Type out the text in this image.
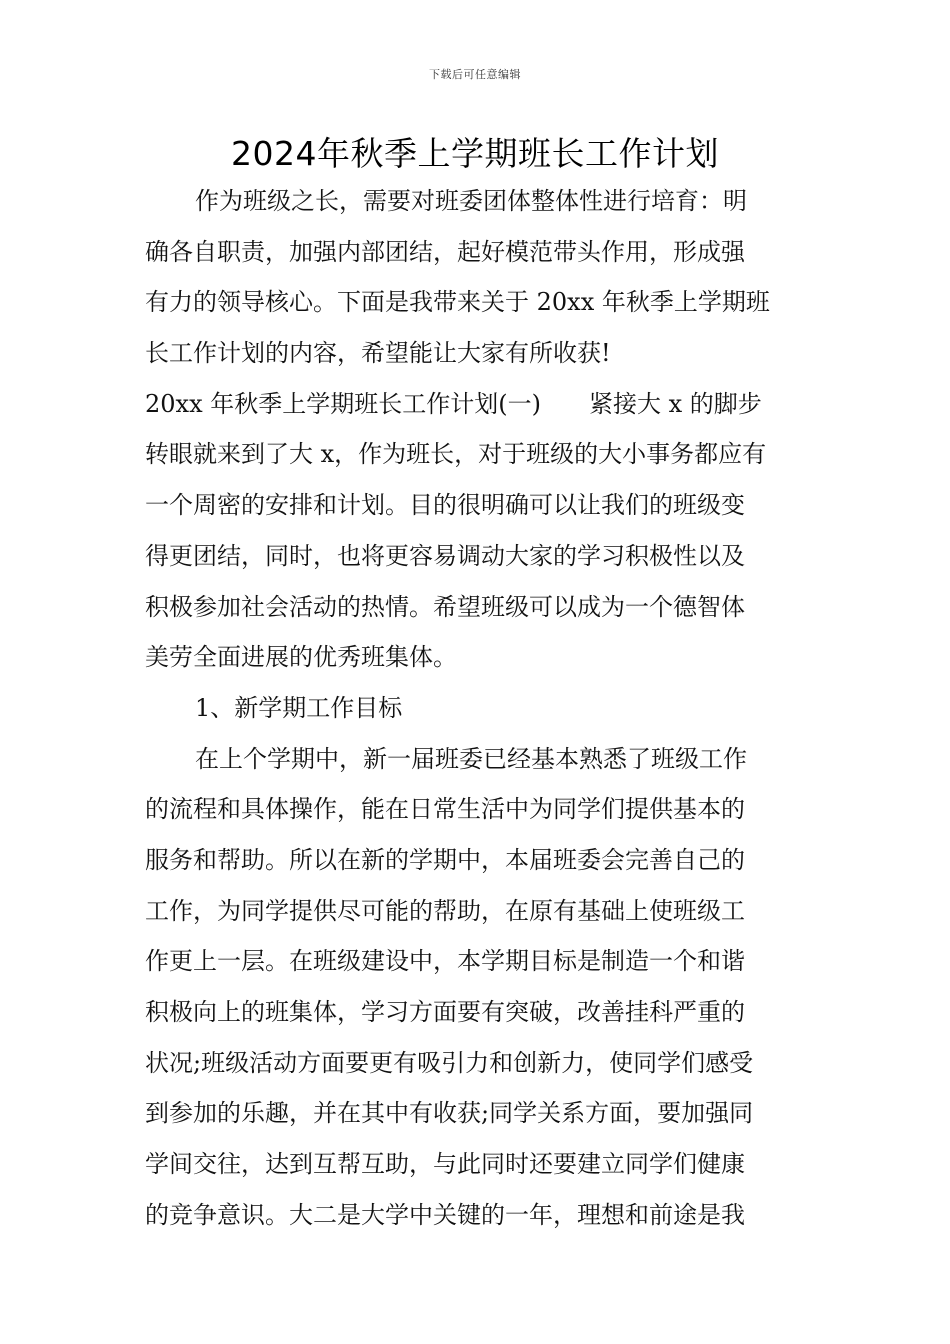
下载后可任意编辑
2024年秋季上学期班长工作计划
作为班级之长，需要对班委团体整体性进行培育：明
确各自职责，加强内部团结，起好模范带头作用，形成强
有力的领导核心。下面是我带来关于 20xx 年秋季上学期班
长工作计划的内容，希望能让大家有所收获!
20xx 年秋季上学期班长工作计划(一)　　紧接大 x 的脚步
转眼就来到了大 x，作为班长，对于班级的大小事务都应有
一个周密的安排和计划。目的很明确可以让我们的班级变
得更团结，同时，也将更容易调动大家的学习积极性以及
积极参加社会活动的热情。希望班级可以成为一个德智体
美劳全面进展的优秀班集体。
1、新学期工作目标
在上个学期中，新一届班委已经基本熟悉了班级工作
的流程和具体操作，能在日常生活中为同学们提供基本的
服务和帮助。所以在新的学期中，本届班委会完善自己的
工作，为同学提供尽可能的帮助，在原有基础上使班级工
作更上一层。在班级建设中，本学期目标是制造一个和谐
积极向上的班集体，学习方面要有突破，改善挂科严重的
状况;班级活动方面要更有吸引力和创新力，使同学们感受
到参加的乐趣，并在其中有收获;同学关系方面，要加强同
学间交往，达到互帮互助，与此同时还要建立同学们健康
的竞争意识。大二是大学中关键的一年，理想和前途是我
